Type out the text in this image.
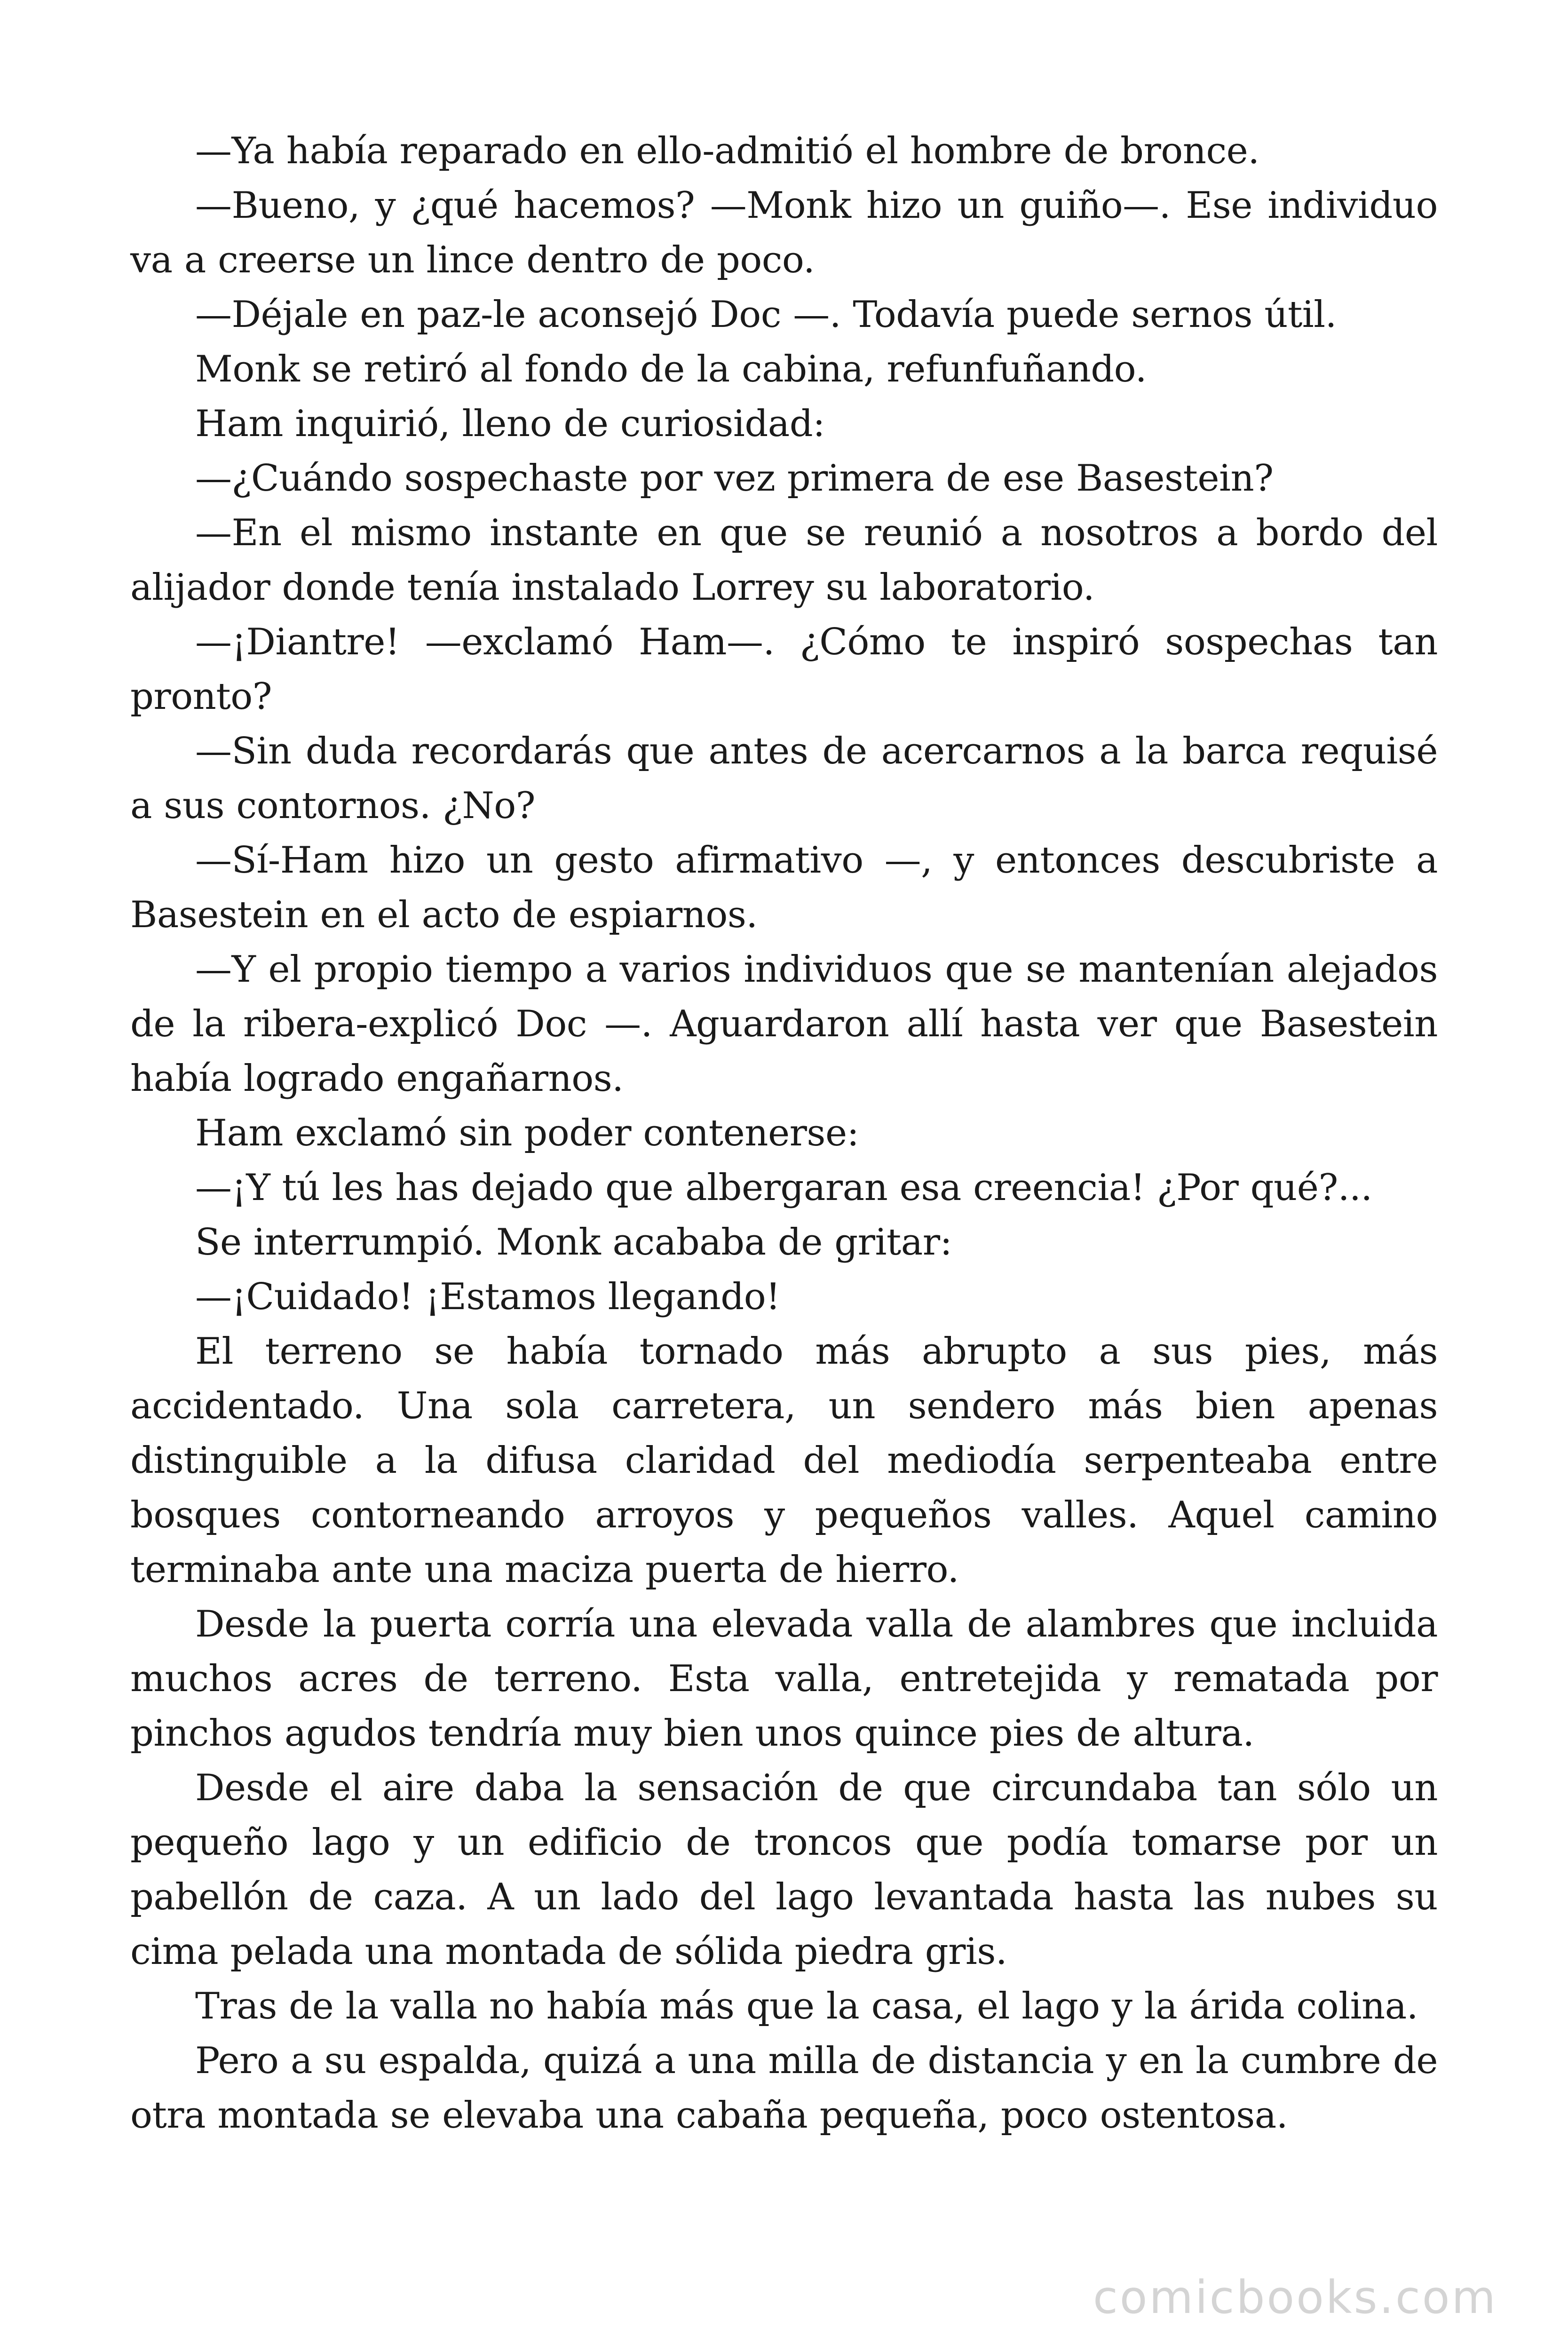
—Ya había reparado en ello-admitió el hombre de bronce.

—Bueno, y ¿qué hacemos? —Monk hizo un guiño—. Ese individuo va a creerse un lince dentro de poco.

—Déjale en paz-le aconsejó Doc —. Todavía puede sernos útil.

Monk se retiró al fondo de la cabina, refunfuñando.

Ham inquirió, lleno de curiosidad:

—¿Cuándo sospechaste por vez primera de ese Basestein?

—En el mismo instante en que se reunió a nosotros a bordo del alijador donde tenía instalado Lorrey su laboratorio.

—¡Diantre! —exclamó Ham—. ¿Cómo te inspiró sospechas tan pronto?

—Sin duda recordarás que antes de acercarnos a la barca requisé a sus contornos. ¿No?

—Sí-Ham hizo un gesto afirmativo —, y entonces descubriste a Basestein en el acto de espiarnos.

—Y el propio tiempo a varios individuos que se mantenían alejados de la ribera-explicó Doc —. Aguardaron allí hasta ver que Basestein había logrado engañarnos.

Ham exclamó sin poder contenerse:

—¡Y tú les has dejado que albergaran esa creencia! ¿Por qué?...

Se interrumpió. Monk acababa de gritar:

—¡Cuidado! ¡Estamos llegando!

El terreno se había tornado más abrupto a sus pies, más accidentado. Una sola carretera, un sendero más bien apenas distinguible a la difusa claridad del mediodía serpenteaba entre bosques contorneando arroyos y pequeños valles. Aquel camino terminaba ante una maciza puerta de hierro.

Desde la puerta corría una elevada valla de alambres que incluida muchos acres de terreno. Esta valla, entretejida y rematada por pinchos agudos tendría muy bien unos quince pies de altura.

Desde el aire daba la sensación de que circundaba tan sólo un pequeño lago y un edificio de troncos que podía tomarse por un pabellón de caza. A un lado del lago levantada hasta las nubes su cima pelada una montada de sólida piedra gris.

Tras de la valla no había más que la casa, el lago y la árida colina.

Pero a su espalda, quizá a una milla de distancia y en la cumbre de otra montada se elevaba una cabaña pequeña, poco ostentosa.

comicbooks.com
